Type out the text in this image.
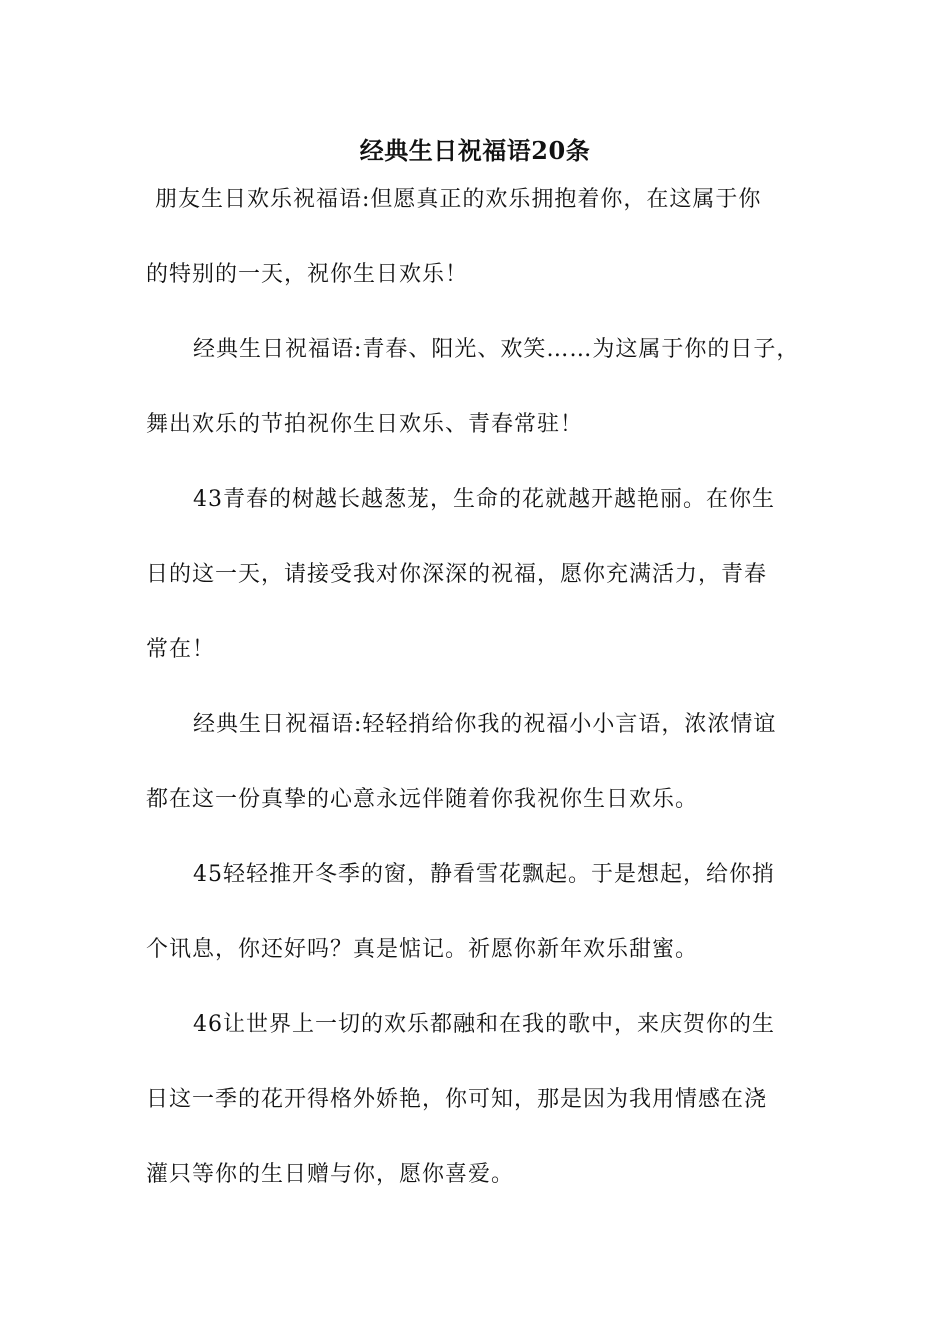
经典生日祝福语20条
朋友生日欢乐祝福语:但愿真正的欢乐拥抱着你，在这属于你
的特别的一天，祝你生日欢乐！
经典生日祝福语:青春、阳光、欢笑……为这属于你的日子，
舞出欢乐的节拍祝你生日欢乐、青春常驻！
43青春的树越长越葱茏，生命的花就越开越艳丽。在你生
日的这一天，请接受我对你深深的祝福，愿你充满活力，青春
常在！
经典生日祝福语:轻轻捎给你我的祝福小小言语，浓浓情谊
都在这一份真挚的心意永远伴随着你我祝你生日欢乐。
45轻轻推开冬季的窗，静看雪花飘起。于是想起，给你捎
个讯息，你还好吗？真是惦记。祈愿你新年欢乐甜蜜。
46让世界上一切的欢乐都融和在我的歌中，来庆贺你的生
日这一季的花开得格外娇艳，你可知，那是因为我用情感在浇
灌只等你的生日赠与你，愿你喜爱。
